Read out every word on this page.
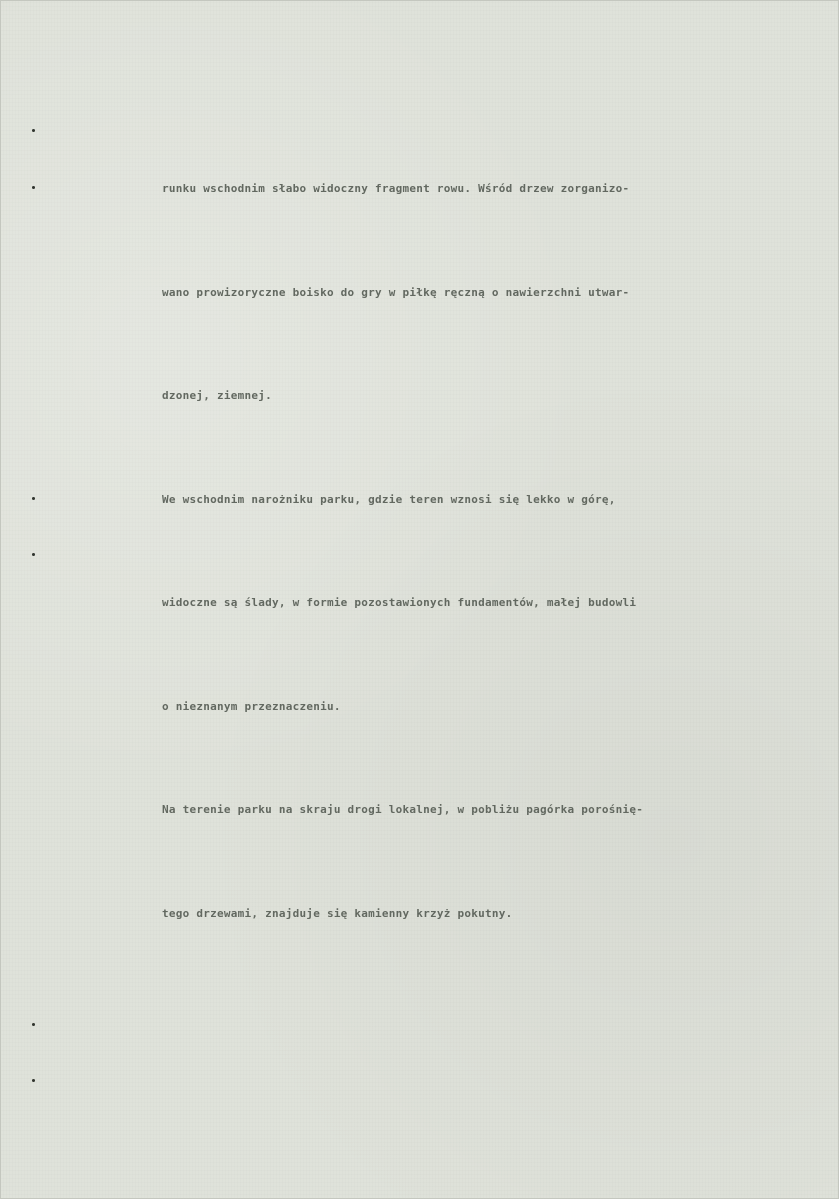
runku wschodnim słabo widoczny fragment rowu. Wśród drzew zorganizo-

wano prowizoryczne boisko do gry w piłkę ręczną o nawierzchni utwar-

dzonej, ziemnej.

We wschodnim narożniku parku, gdzie teren wznosi się lekko w górę,

widoczne są ślady, w formie pozostawionych fundamentów, małej budowli

o nieznanym przeznaczeniu.

Na terenie parku na skraju drogi lokalnej, w pobliżu pagórka porośnię-

tego drzewami, znajduje się kamienny krzyż pokutny.
